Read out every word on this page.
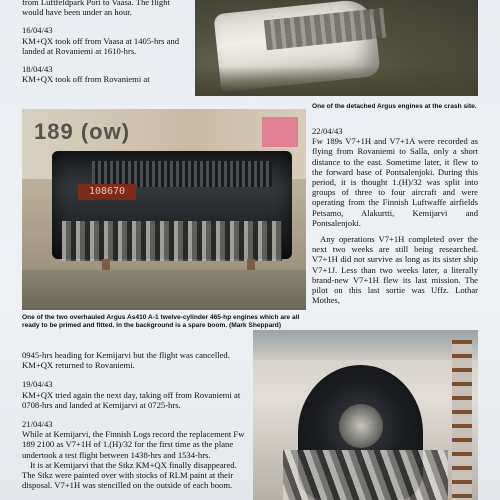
from Luftfeldpark Pori to Vaasa. The flight would have been under an hour.

16/04/43

KM+QX took off from Vaasa at 1405-hrs and landed at Rovaniemi at 1610-hrs.

18/04/43

KM+QX took off from Rovaniemi at

One of the detached Argus engines at the crash site.
189 (ow)
108670
One of the two overhauled Argus As410 A-1 twelve-cylinder 465-hp engines which are all ready to be primed and fitted. In the background is a spare boom. (Mark Sheppard)

22/04/43

Fw 189s V7+1H and V7+1A were recorded as flying from Rovaniemi to Salla, only a short distance to the east. Sometime later, it flew to the forward base of Pontsalenjoki. During this period, it is thought 1.(H)/32 was split into groups of three to four aircraft and were operating from the Finnish Luftwaffe airfields Petsamo, Alakurtti, Kemijarvi and Pontsalenjoki.

Any operations V7+1H completed over the next two weeks are still being researched. V7+1H did not survive as long as its sister ship V7+1J. Less than two weeks later, a literally brand-new V7+1H flew its last mission. The pilot on this last sortie was Uffz. Lothar Mothes,

0945-hrs heading for Kemijarvi but the flight was cancelled. KM+QX returned to Rovaniemi.

19/04/43

KM+QX tried again the next day, taking off from Rovaniemi at 0708-hrs and landed at Kemijarvi at 0725-hrs.

21/04/43

While at Kemijarvi, the Finnish Logs record the replacement Fw 189 2100 as V7+1H of 1.(H)/32 for the first time as the plane undertook a test flight between 1438-hrs and 1534-hrs.

It is at Kemijarvi that the Stkz KM+QX finally disappeared. The Stkz were painted over with stocks of RLM paint at their disposal. V7+1H was stencilled on the outside of each boom.
